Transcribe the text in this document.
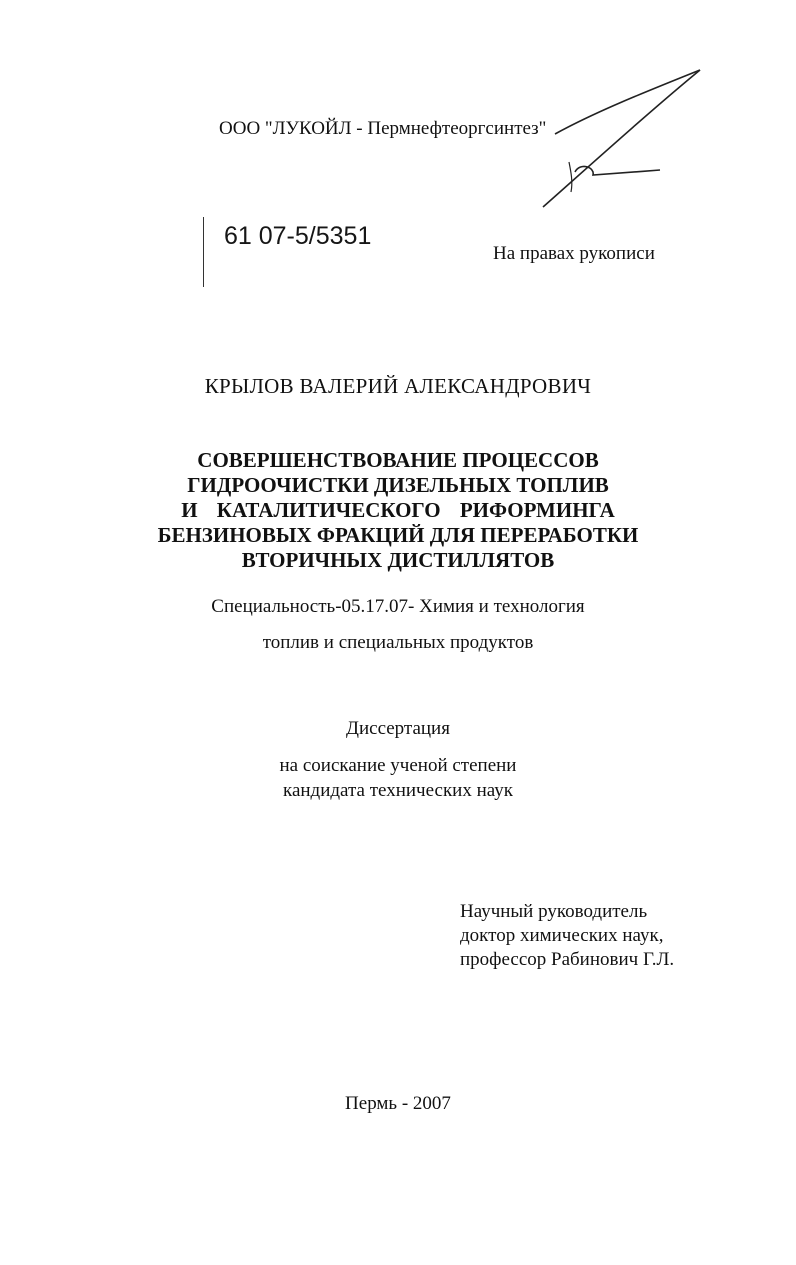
ООО "ЛУКОЙЛ - Пермнефтеоргсинтез"
61 07-5/5351
На правах рукописи
КРЫЛОВ ВАЛЕРИЙ АЛЕКСАНДРОВИЧ
СОВЕРШЕНСТВОВАНИЕ ПРОЦЕССОВ
ГИДРООЧИСТКИ ДИЗЕЛЬНЫХ ТОПЛИВ
И КАТАЛИТИЧЕСКОГО РИФОРМИНГА
БЕНЗИНОВЫХ ФРАКЦИЙ ДЛЯ ПЕРЕРАБОТКИ
ВТОРИЧНЫХ ДИСТИЛЛЯТОВ
Специальность-05.17.07- Химия и технология
топлив и специальных продуктов
Диссертация
на соискание ученой степени
кандидата технических наук
Научный руководитель
доктор химических наук,
профессор Рабинович Г.Л.
Пермь - 2007
